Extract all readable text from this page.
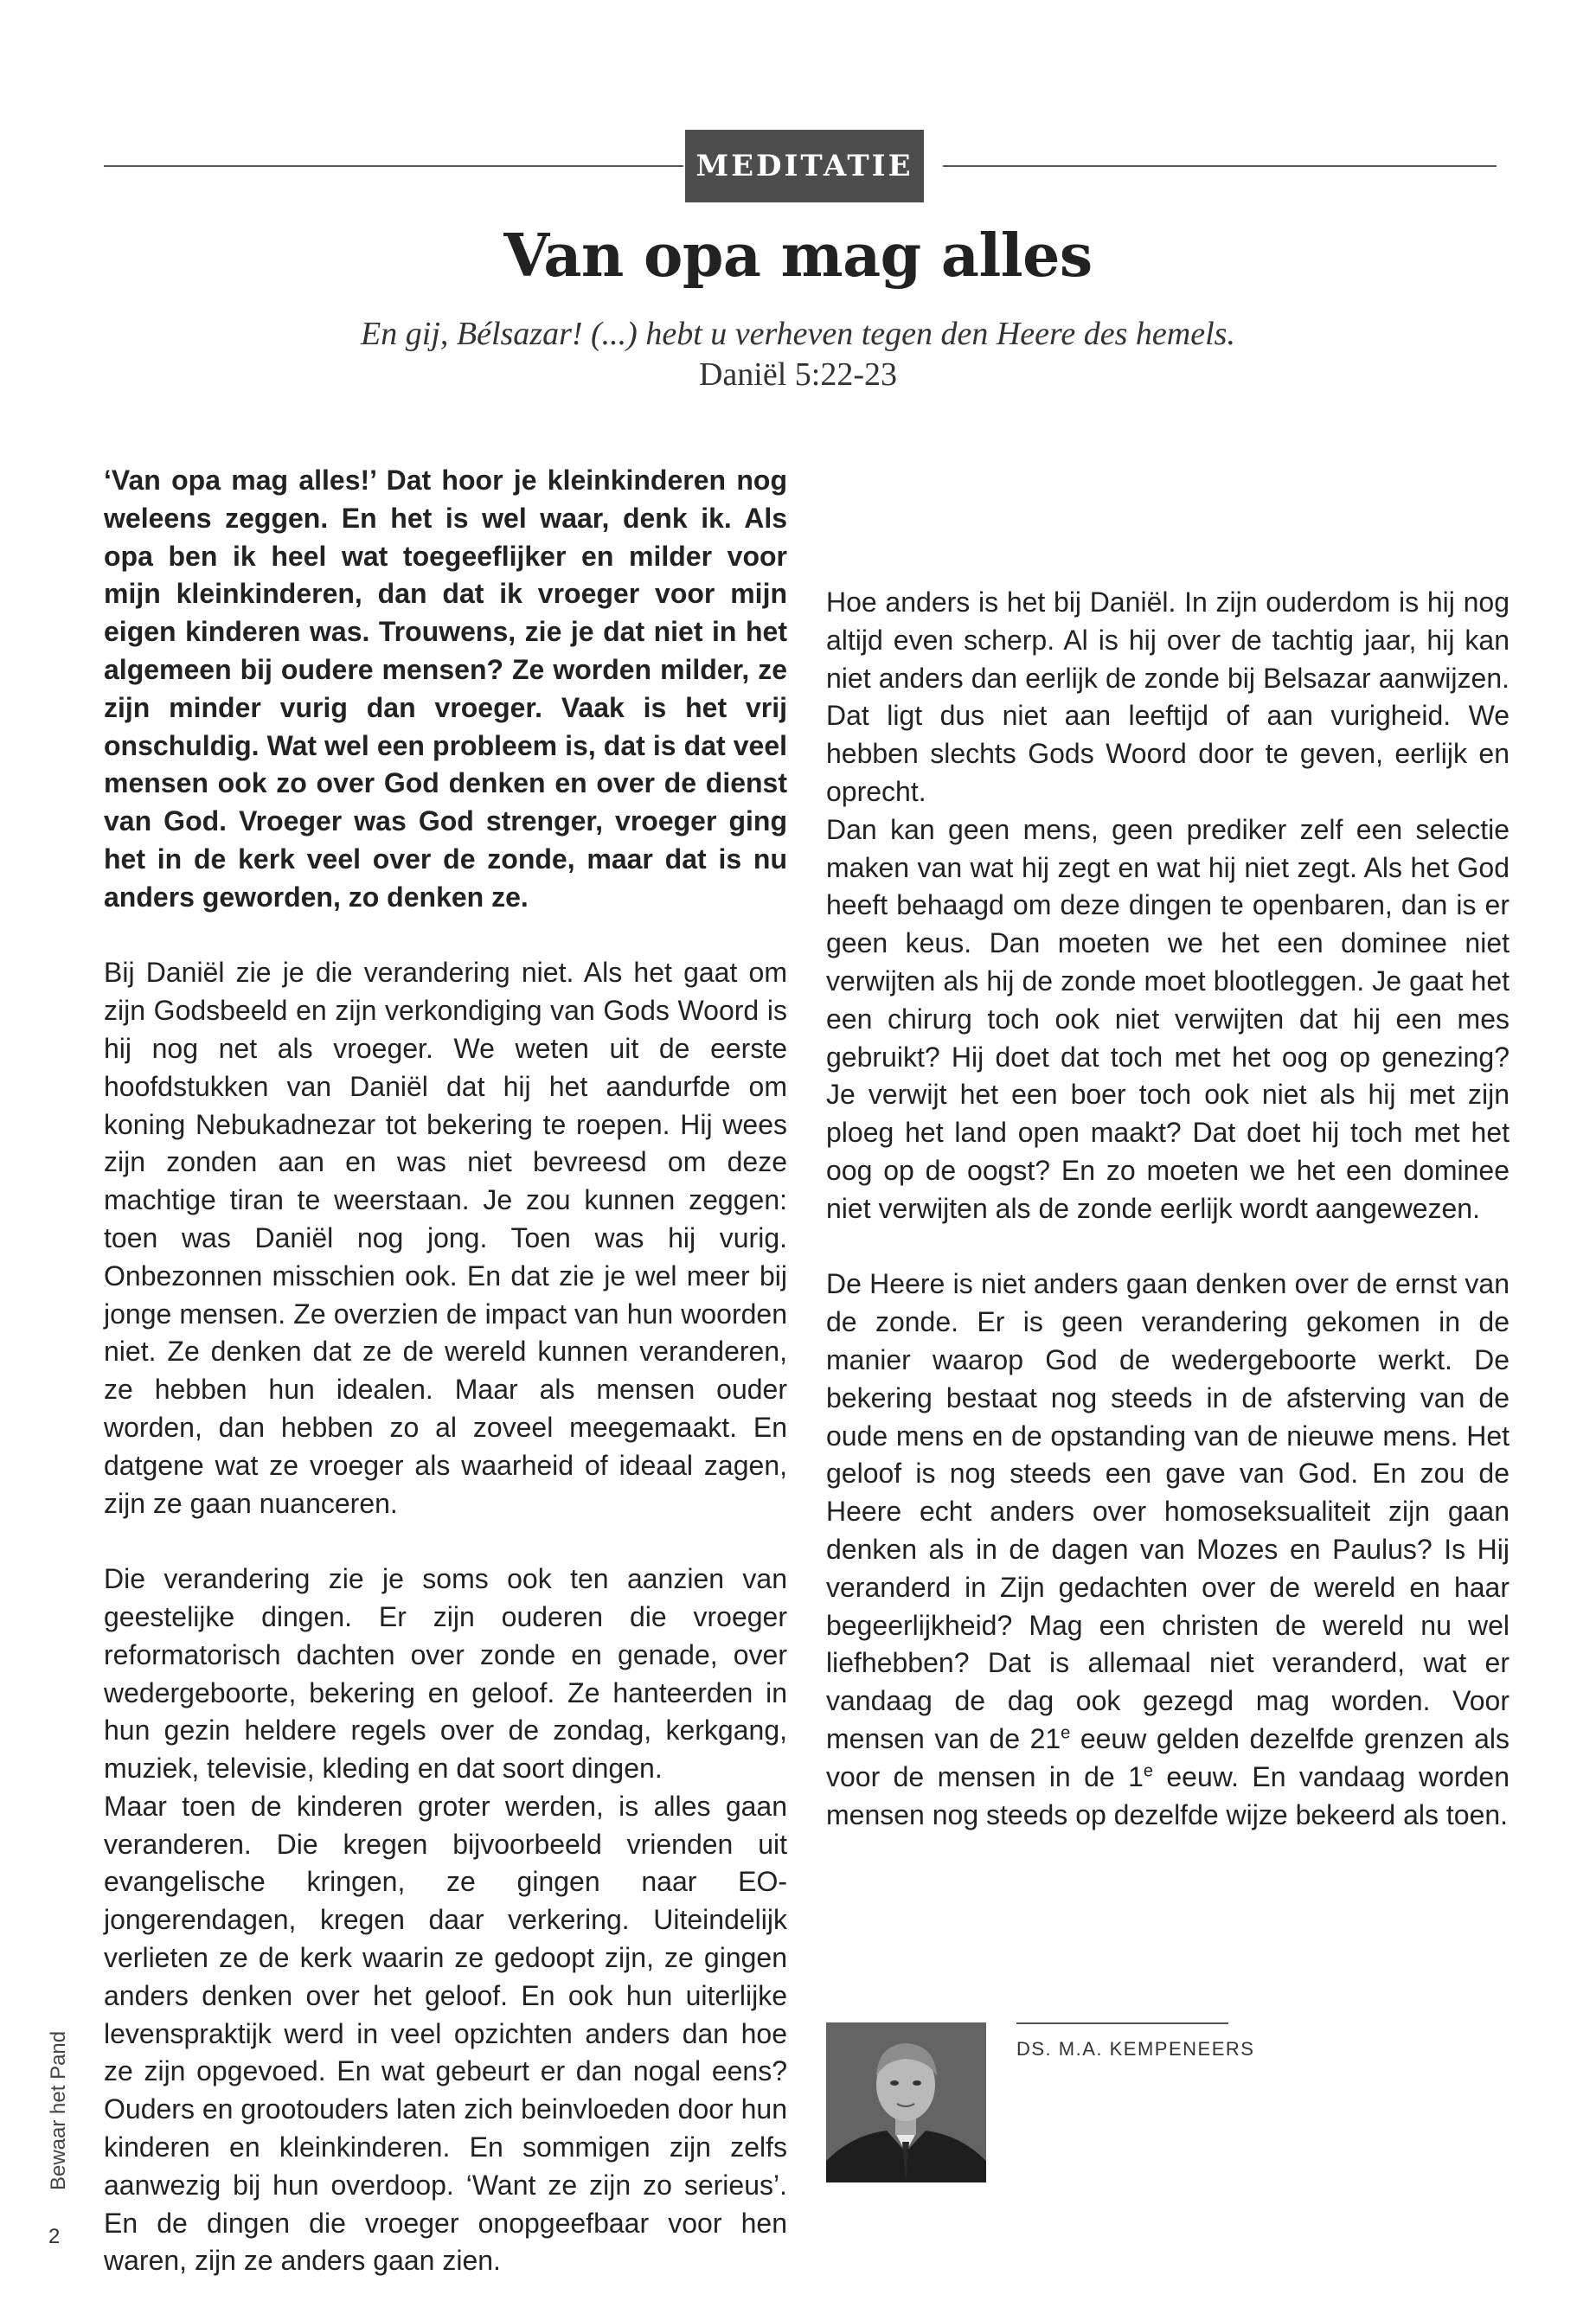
MEDITATIE
Van opa mag alles
En gij, Bélsazar! (...) hebt u verheven tegen den Heere des hemels.
Daniël 5:22-23

‘Van opa mag alles!’ Dat hoor je kleinkinderen nog weleens zeggen. En het is wel waar, denk ik. Als opa ben ik heel wat toegeeflijker en milder voor mijn kleinkinderen, dan dat ik vroeger voor mijn eigen kinderen was. Trouwens, zie je dat niet in het algemeen bij oudere mensen? Ze worden milder, ze zijn minder vurig dan vroeger. Vaak is het vrij onschuldig. Wat wel een probleem is, dat is dat veel mensen ook zo over God denken en over de dienst van God. Vroeger was God strenger, vroeger ging het in de kerk veel over de zonde, maar dat is nu anders geworden, zo denken ze.

Bij Daniël zie je die verandering niet. Als het gaat om zijn Godsbeeld en zijn verkondiging van Gods Woord is hij nog net als vroeger. We weten uit de eerste hoofdstukken van Daniël dat hij het aandurfde om koning Nebukadnezar tot bekering te roepen. Hij wees zijn zonden aan en was niet bevreesd om deze machtige tiran te weerstaan. Je zou kunnen zeggen: toen was Daniël nog jong. Toen was hij vurig. Onbezonnen misschien ook. En dat zie je wel meer bij jonge mensen. Ze overzien de impact van hun woorden niet. Ze denken dat ze de wereld kunnen veranderen, ze hebben hun idealen. Maar als mensen ouder worden, dan hebben zo al zoveel meegemaakt. En datgene wat ze vroeger als waarheid of ideaal zagen, zijn ze gaan nuanceren.

Die verandering zie je soms ook ten aanzien van geestelijke dingen. Er zijn ouderen die vroeger reformatorisch dachten over zonde en genade, over wedergeboorte, bekering en geloof. Ze hanteerden in hun gezin heldere regels over de zondag, kerkgang, muziek, televisie, kleding en dat soort dingen.

Maar toen de kinderen groter werden, is alles gaan veranderen. Die kregen bijvoorbeeld vrienden uit evangelische kringen, ze gingen naar EO-jongerendagen, kregen daar verkering. Uiteindelijk verlieten ze de kerk waarin ze gedoopt zijn, ze gingen anders denken over het geloof. En ook hun uiterlijke levenspraktijk werd in veel opzichten anders dan hoe ze zijn opgevoed. En wat gebeurt er dan nogal eens? Ouders en grootouders laten zich beinvloeden door hun kinderen en kleinkinderen. En sommigen zijn zelfs aanwezig bij hun overdoop. ‘Want ze zijn zo serieus’. En de dingen die vroeger onopgeefbaar voor hen waren, zijn ze anders gaan zien.

Hoe anders is het bij Daniël. In zijn ouderdom is hij nog altijd even scherp. Al is hij over de tachtig jaar, hij kan niet anders dan eerlijk de zonde bij Belsazar aanwijzen. Dat ligt dus niet aan leeftijd of aan vurigheid. We hebben slechts Gods Woord door te geven, eerlijk en oprecht.

Dan kan geen mens, geen prediker zelf een selectie maken van wat hij zegt en wat hij niet zegt. Als het God heeft behaagd om deze dingen te openbaren, dan is er geen keus. Dan moeten we het een dominee niet verwijten als hij de zonde moet blootleggen. Je gaat het een chirurg toch ook niet verwijten dat hij een mes gebruikt? Hij doet dat toch met het oog op genezing? Je verwijt het een boer toch ook niet als hij met zijn ploeg het land open maakt? Dat doet hij toch met het oog op de oogst? En zo moeten we het een dominee niet verwijten als de zonde eerlijk wordt aangewezen.

De Heere is niet anders gaan denken over de ernst van de zonde. Er is geen verandering gekomen in de manier waarop God de wedergeboorte werkt. De bekering bestaat nog steeds in de afsterving van de oude mens en de opstanding van de nieuwe mens. Het geloof is nog steeds een gave van God. En zou de Heere echt anders over homoseksualiteit zijn gaan denken als in de dagen van Mozes en Paulus? Is Hij veranderd in Zijn gedachten over de wereld en haar begeerlijkheid? Mag een christen de wereld nu wel liefhebben? Dat is allemaal niet veranderd, wat er vandaag de dag ook gezegd mag worden. Voor mensen van de 21e eeuw gelden dezelfde grenzen als voor de mensen in de 1e eeuw. En vandaag worden mensen nog steeds op dezelfde wijze bekeerd als toen.

DS. M.A. KEMPENEERS
Bewaar het Pand
2
